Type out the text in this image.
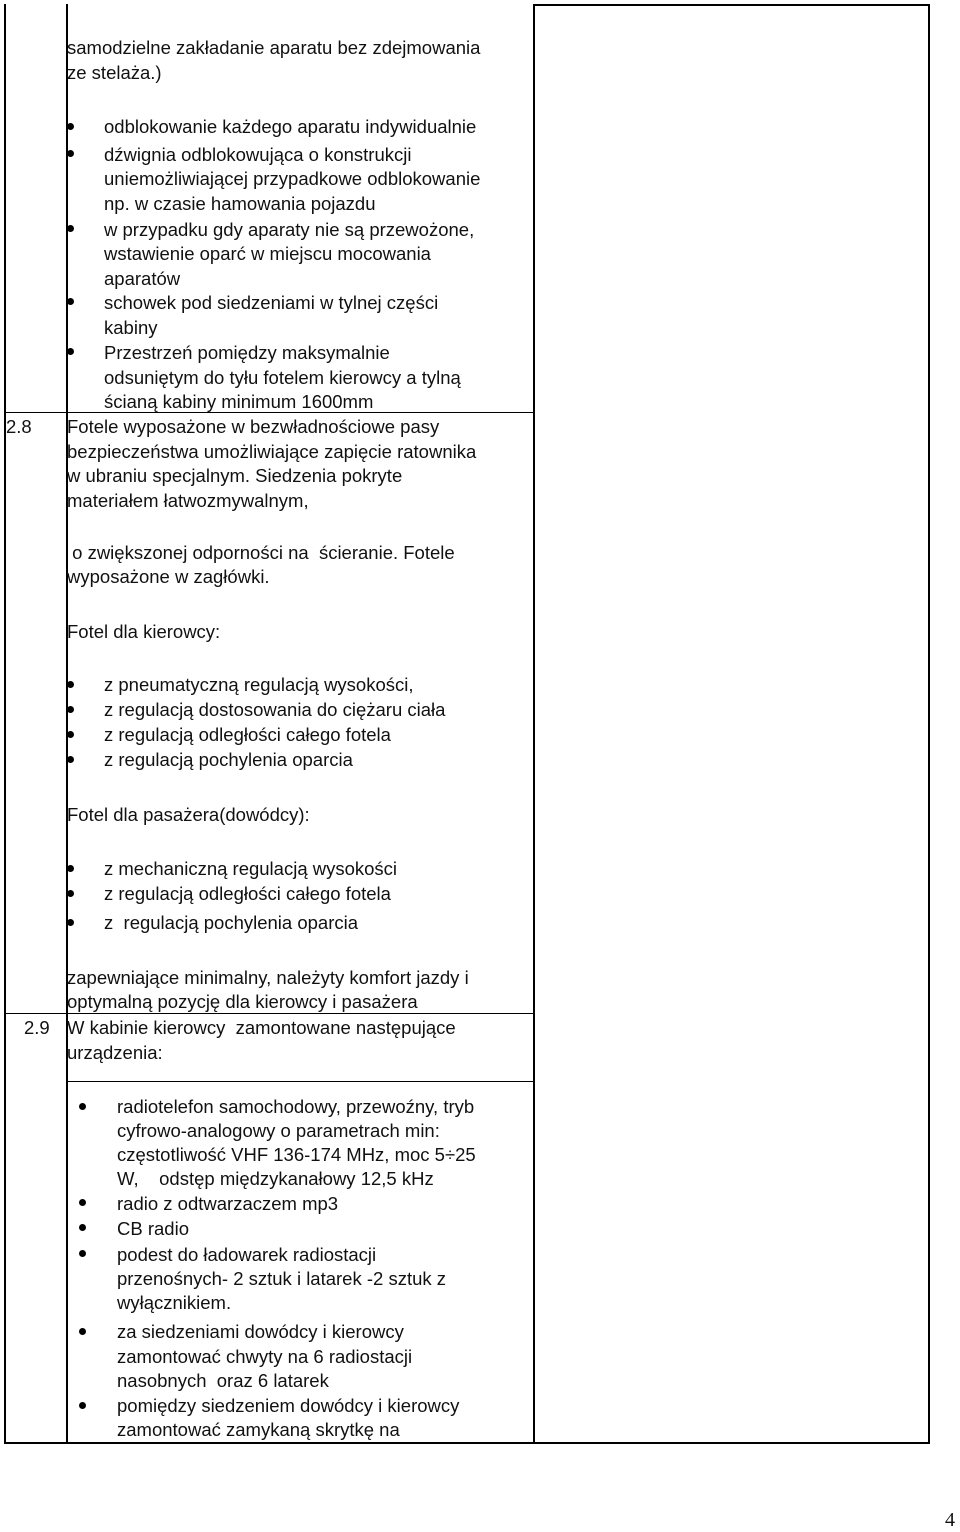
samodzielne zakładanie aparatu bez zdejmowania
ze stelaża.)
odblokowanie każdego aparatu indywidualnie
dźwignia odblokowująca o konstrukcji
uniemożliwiającej przypadkowe odblokowanie
np. w czasie hamowania pojazdu
w przypadku gdy aparaty nie są przewożone,
wstawienie oparć w miejscu mocowania
aparatów
schowek pod siedzeniami w tylnej części
kabiny
Przestrzeń pomiędzy maksymalnie
odsuniętym do tyłu fotelem kierowcy a tylną
ścianą kabiny minimum 1600mm
2.8 Fotele wyposażone w bezwładnościowe pasy
bezpieczeństwa umożliwiające zapięcie ratownika
w ubraniu specjalnym. Siedzenia pokryte
materiałem łatwozmywalnym,
o zwiększonej odporności na  ścieranie. Fotele
wyposażone w zagłówki.
Fotel dla kierowcy:
z pneumatyczną regulacją wysokości,
z regulacją dostosowania do ciężaru ciała
z regulacją odległości całego fotela
z regulacją pochylenia oparcia
Fotel dla pasażera(dowódcy):
z mechaniczną regulacją wysokości
z regulacją odległości całego fotela
z  regulacją pochylenia oparcia
zapewniające minimalny, należyty komfort jazdy i
optymalną pozycję dla kierowcy i pasażera
2.9 W kabinie kierowcy  zamontowane następujące
urządzenia:
radiotelefon samochodowy, przewoźny, tryb
cyfrowo-analogowy o parametrach min:
częstotliwość VHF 136-174 MHz, moc 5÷25
W,    odstęp międzykanałowy 12,5 kHz
radio z odtwarzaczem mp3
CB radio
podest do ładowarek radiostacji
przenośnych- 2 sztuk i latarek -2 sztuk z
wyłącznikiem.
za siedzeniami dowódcy i kierowcy
zamontować chwyty na 6 radiostacji
nasobnych  oraz 6 latarek
pomiędzy siedzeniem dowódcy i kierowcy
zamontować zamykaną skrytkę na
4
